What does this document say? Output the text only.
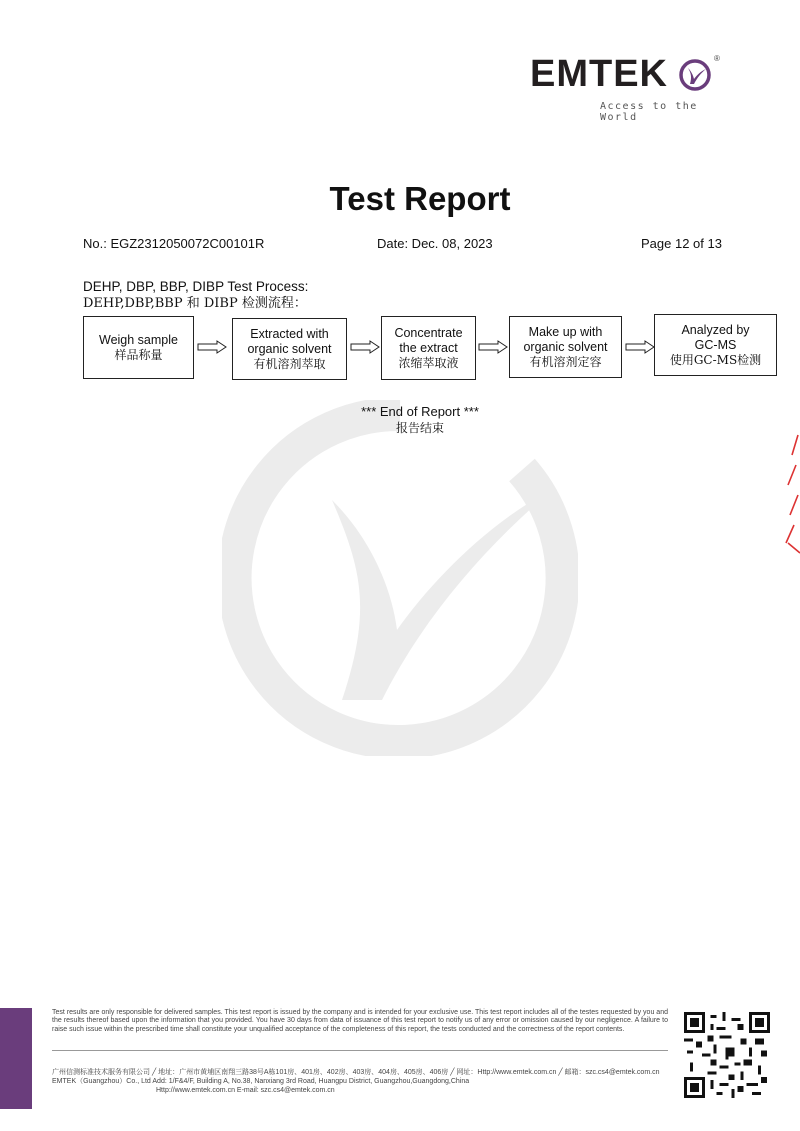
EMTEK	®
Access to the World
Test Report
No.: EGZ2312050072C00101R	Date: Dec. 08, 2023	Page 12 of 13
DEHP, DBP, BBP, DIBP Test Process:
DEHP,DBP,BBP 和 DIBP 检测流程：
Weigh sample
样品称量
Extracted with
organic solvent
有机溶剂萃取
Concentrate
the extract
浓缩萃取液
Make up with
organic solvent
有机溶剂定容
Analyzed by
GC-MS
使用GC-MS检测
*** End of Report ***
报告结束
Test results are only responsible for delivered samples. This test report is issued by the company and is intended for your exclusive use. This test report includes all of the testes requested by you and the results thereof based upon the information that you provided. You have 30 days from data of issuance of this test report to notify us of any error or omission caused by our negligence. A failure to raise such issue within the prescribed time shall constitute your unqualified acceptance of the completeness of this report, the tests conducted and the correctness of the report contents.
广州信测标准技术服务有限公司 ╱ 地址：广州市黄埔区南翔三路38号A栋101房、401房、402房、403房、404房、405房、406房 ╱ 网址：Http://www.emtek.com.cn ╱ 邮箱：szc.cs4@emtek.com.cn
EMTEK（Guangzhou）Co., Ltd Add: 1/F&4/F, Building A, No.38, Nanxiang 3rd Road, Huangpu District, Guangzhou,Guangdong,China
Http://www.emtek.com.cn E-mail: szc.cs4@emtek.com.cn
